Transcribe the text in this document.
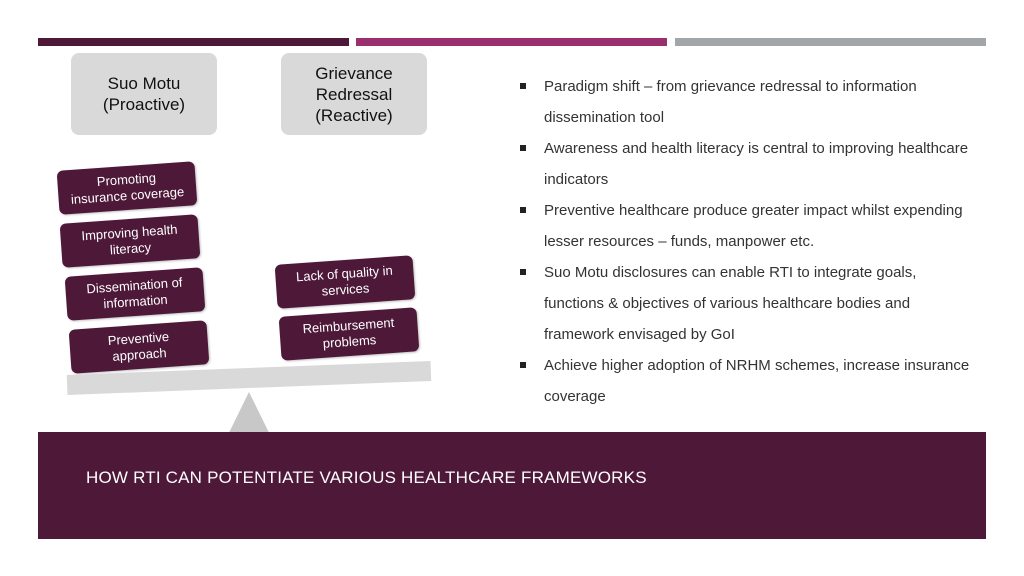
Suo Motu
(Proactive)
Grievance
Redressal
(Reactive)
Promoting
insurance coverage
Improving health
literacy
Dissemination of
information
Preventive
approach
Lack of quality in
services
Reimbursement
problems
Paradigm shift – from grievance redressal to information dissemination tool
Awareness and health literacy is central to improving healthcare indicators
Preventive healthcare produce greater impact whilst expending lesser resources – funds, manpower etc.
Suo Motu disclosures can enable RTI to integrate goals, functions & objectives of various healthcare bodies and framework envisaged by GoI
Achieve higher adoption of NRHM schemes, increase insurance coverage
HOW RTI CAN POTENTIATE VARIOUS HEALTHCARE FRAMEWORKS
